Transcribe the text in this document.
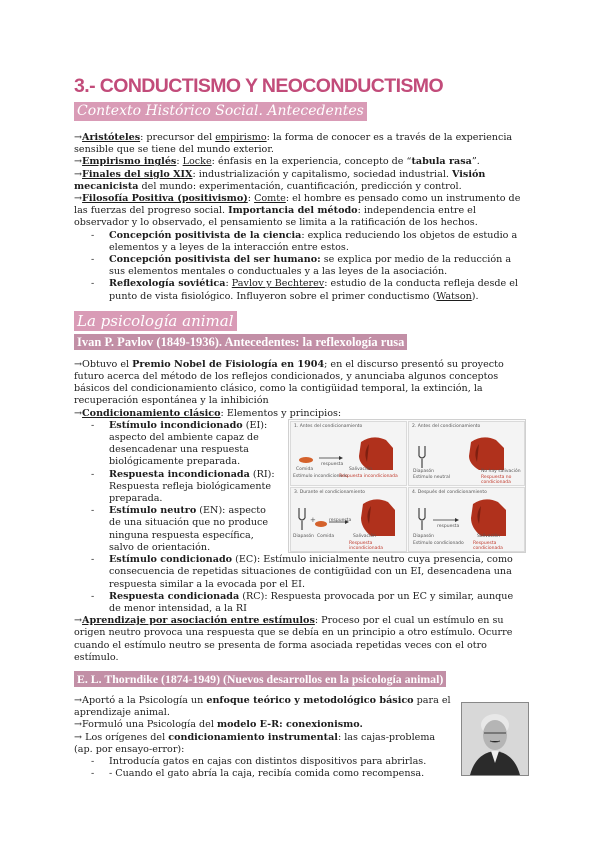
3.- CONDUCTISMO Y NEOCONDUCTISMO
Contexto Histórico Social. Antecedentes

→Aristóteles: precursor del empirismo: la forma de conocer es a través de la experiencia sensible que se tiene del mundo exterior.

→Empirismo inglés: Locke: énfasis en la experiencia, concepto de “tabula rasa”.

→Finales del siglo XIX: industrialización y capitalismo, sociedad industrial. Visión mecanicista del mundo: experimentación, cuantificación, predicción y control.

→Filosofía Positiva (positivismo): Comte: el hombre es pensado como un instrumento de las fuerzas del progreso social. Importancia del método: independencia entre el observador y lo observado, el pensamiento se limita a la ratificación de los hechos.

- Concepción positivista de la ciencia: explica reduciendo los objetos de estudio a elementos y a leyes de la interacción entre estos.
- Concepción positivista del ser humano: se explica por medio de la reducción a sus elementos mentales o conductuales y a las leyes de la asociación.
- Reflexología soviética: Pavlov y Bechterev: estudio de la conducta refleja desde el punto de vista fisiológico. Influyeron sobre el primer conductismo (Watson).
La psicología animal
Ivan P. Pavlov (1849-1936). Antecedentes: la reflexología rusa

→Obtuvo el Premio Nobel de Fisiología en 1904; en el discurso presentó su proyecto futuro acerca del método de los reflejos condicionados, y anunciaba algunos conceptos básicos del condicionamiento clásico, como la contigüidad temporal, la extinción, la recuperación espontánea y la inhibición

→Condicionamiento clásico: Elementos y principios:

- Estímulo incondicionado (EI): aspecto del ambiente capaz de desencadenar una respuesta biológicamente preparada.
- Respuesta incondicionada (RI): Respuesta refleja biológicamente preparada.
- Estímulo neutro (EN): aspecto de una situación que no produce ninguna respuesta específica, salvo de orientación.
- Estímulo condicionado (EC): Estímulo inicialmente neutro cuya presencia, como consecuencia de repetidas situaciones de contigüidad con un EI, desencadena una respuesta similar a la evocada por el EI.
- Respuesta condicionada (RC): Respuesta provocada por un EC y similar, aunque de menor intensidad, a la RI

→Aprendizaje por asociación entre estímulos: Proceso por el cual un estímulo en su origen neutro provoca una respuesta que se debía en un principio a otro estímulo. Ocurre cuando el estímulo neutro se presenta de forma asociada repetidas veces con el otro estímulo.

E. L. Thorndike (1874-1949) (Nuevos desarrollos en la psicología animal)

→Aportó a la Psicología un enfoque teórico y metodológico básico para el aprendizaje animal.

→Formuló una Psicología del modelo E-R: conexionismo.

→ Los orígenes del condicionamiento instrumental: las cajas-problema (ap. por ensayo-error):

- Introducía gatos en cajas con distintos dispositivos para abrirlas.
- - Cuando el gato abría la caja, recibía comida como recompensa.
1. Antes del condicionamiento
Comida
Estímulo incondicionado
respuesta
Respuesta incondicionada
Salivación
2. Antes del condicionamiento
Diapasón
Estímulo neutral
No hay salivación
Respuesta no condicionada
3. Durante el condicionamiento
+
Diapasón Comida
respuesta
Salivación
Respuesta incondicionada
4. Después del condicionamiento
respuesta
Diapasón
Estímulo condicionado
Salivación
Respuesta condicionada
